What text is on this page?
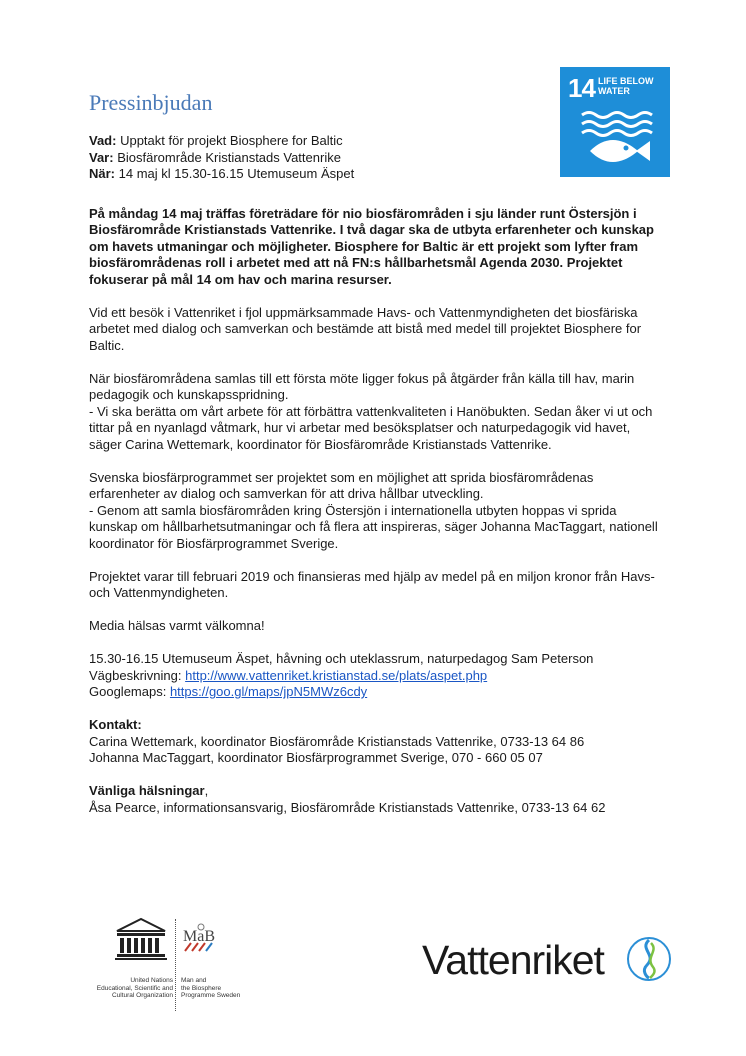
Pressinbjudan	14 LIFE BELOW
WATER

Vad: Upptakt för projekt Biosphere for Baltic

Var: Biosfärområde Kristianstads Vattenrike

När: 14 maj kl 15.30-16.15 Utemuseum Äspet

På måndag 14 maj träffas företrädare för nio biosfärområden i sju länder runt Östersjön i Biosfärområde Kristianstads Vattenrike. I två dagar ska de utbyta erfarenheter och kunskap om havets utmaningar och möjligheter. Biosphere for Baltic är ett projekt som lyfter fram biosfärområdenas roll i arbetet med att nå FN:s hållbarhetsmål Agenda 2030. Projektet fokuserar på mål 14 om hav och marina resurser.

Vid ett besök i Vattenriket i fjol uppmärksammade Havs- och Vattenmyndigheten det biosfäriska arbetet med dialog och samverkan och bestämde att bistå med medel till projektet Biosphere for Baltic.

När biosfärområdena samlas till ett första möte ligger fokus på åtgärder från källa till hav, marin pedagogik och kunskapsspridning.

- Vi ska berätta om vårt arbete för att förbättra vattenkvaliteten i Hanöbukten. Sedan åker vi ut och tittar på en nyanlagd våtmark, hur vi arbetar med besöksplatser och naturpedagogik vid havet, säger Carina Wettemark, koordinator för Biosfärområde Kristianstads Vattenrike.

Svenska biosfärprogrammet ser projektet som en möjlighet att sprida biosfärområdenas erfarenheter av dialog och samverkan för att driva hållbar utveckling.

- Genom att samla biosfärområden kring Östersjön i internationella utbyten hoppas vi sprida kunskap om hållbarhetsutmaningar och få flera att inspireras, säger Johanna MacTaggart, nationell koordinator för Biosfärprogrammet Sverige.

Projektet varar till februari 2019 och finansieras med hjälp av medel på en miljon kronor från Havs- och Vattenmyndigheten.

Media hälsas varmt välkomna!

15.30-16.15 Utemuseum Äspet, håvning och uteklassrum, naturpedagog Sam Peterson

Vägbeskrivning: http://www.vattenriket.kristianstad.se/plats/aspet.php

Googlemaps: https://goo.gl/maps/jpN5MWz6cdy

Kontakt:

Carina Wettemark, koordinator Biosfärområde Kristianstads Vattenrike, 0733-13 64 86

Johanna MacTaggart, koordinator Biosfärprogrammet Sverige, 070 - 660 05 07

Vänliga hälsningar,

Åsa Pearce, informationsansvarig, Biosfärområde Kristianstads Vattenrike, 0733-13 64 62

United Nations
Educational, Scientific and
Cultural Organization
MaB
Man and
the Biosphere
Programme Sweden
Vattenriket
